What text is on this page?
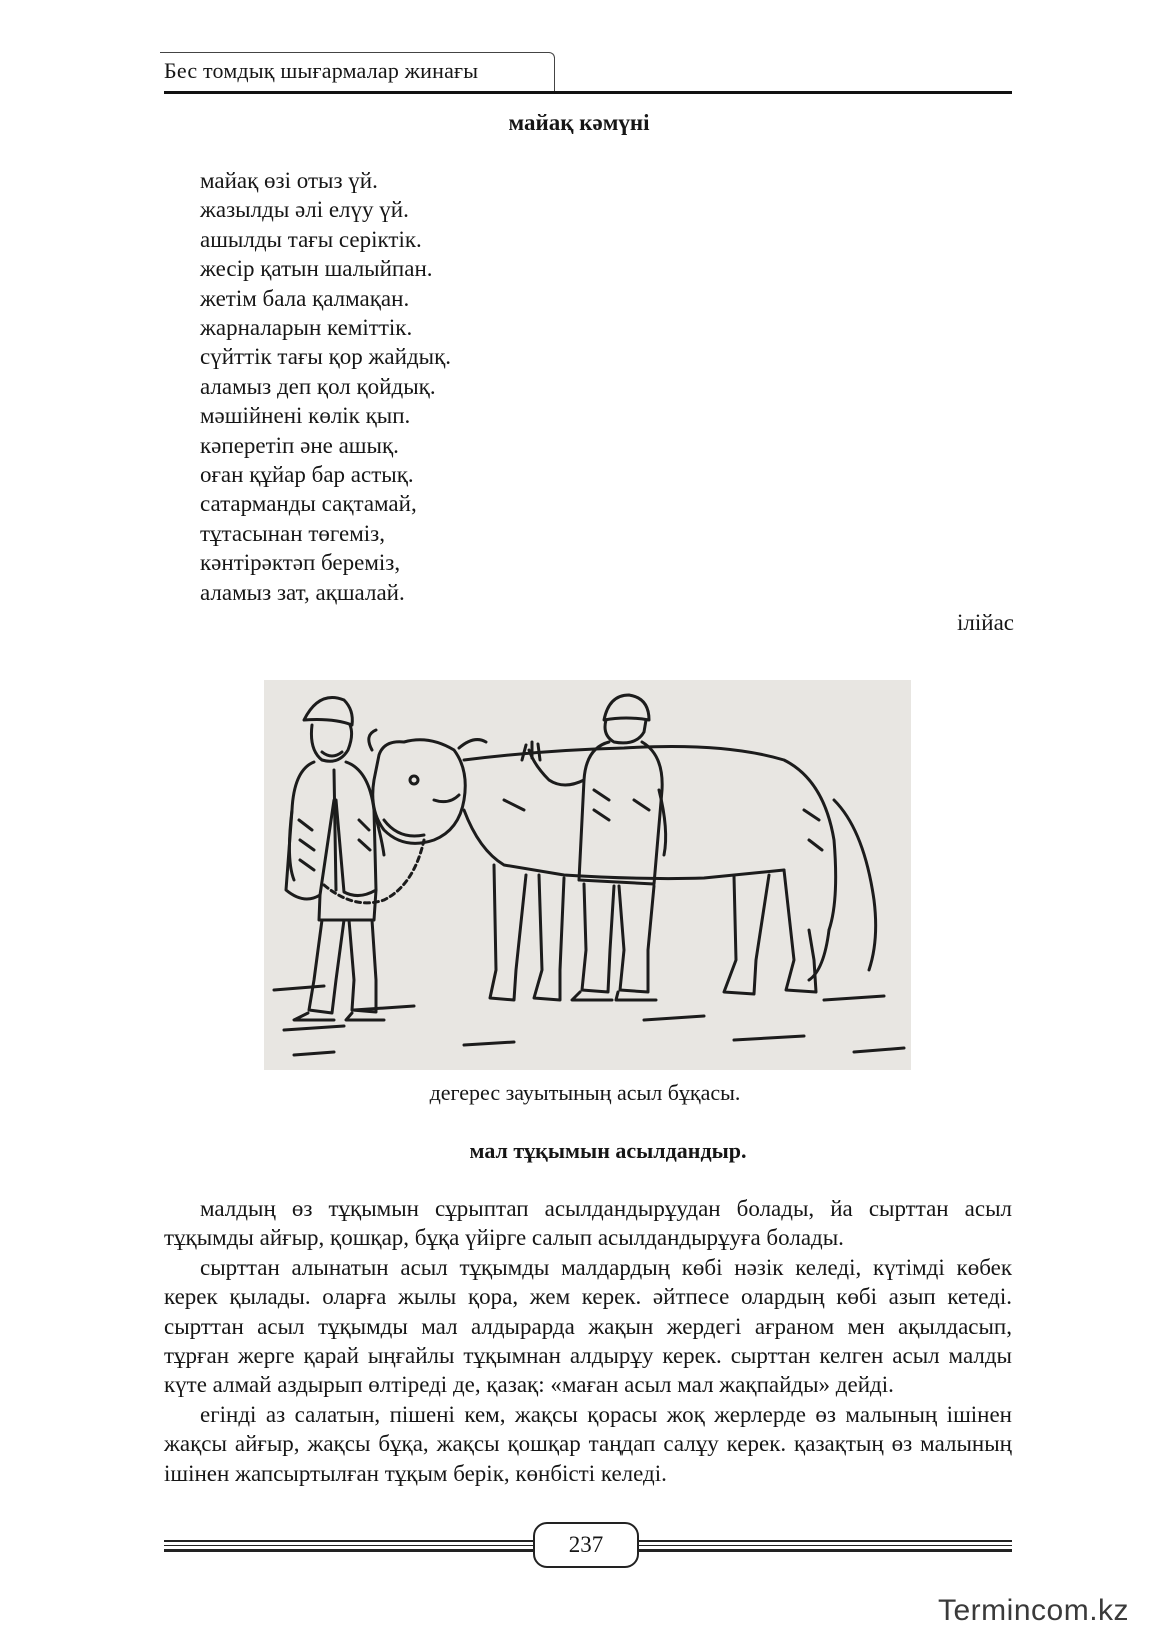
Бес томдық шығармалар жинағы
майақ кәмүні
майақ өзі отыз үй.
жазылды әлі елүу үй.
ашылды тағы серіктік.
жесір қатын шалыйпан.
жетім бала қалмақан.
жарналарын кеміттік.
сүйттік тағы қор жайдық.
аламыз деп қол қойдық.
мәшійнені көлік қып.
кәперетіп әне ашық.
оған құйар бар астық.
сатарманды сақтамай,
тұтасынан төгеміз,
кәнтірәктәп береміз,
аламыз зат, ақшалай.
ілійас
дегерес зауытының асыл бұқасы.
мал тұқымын асылдандыр.

малдың өз тұқымын сұрыптап асылдандырұудан болады, йа сырттан асыл тұқымды айғыр, қошқар, бұқа үйірге салып асылдандырұуға болады.

сырттан алынатын асыл тұқымды малдардың көбі нәзік келеді, күтімді көбек керек қылады. оларға жылы қора, жем керек. әйтпесе олардың көбі азып кетеді. сырттан асыл тұқымды мал алдырарда жақын жердегі ағраном мен ақылдасып, тұрған жерге қарай ыңғайлы тұқымнан алдырұу керек. сырттан келген асыл малды күте алмай аздырып өлтіреді де, қазақ: «маған асыл мал жақпайды» дейді.

егінді аз салатын, пішені кем, жақсы қорасы жоқ жерлерде өз малының ішінен жақсы айғыр, жақсы бұқа, жақсы қошқар таңдап салұу керек. қазақтың өз малының ішінен жапсыртылған тұқым берік, көнбісті келеді.

237
Termincom.kz
